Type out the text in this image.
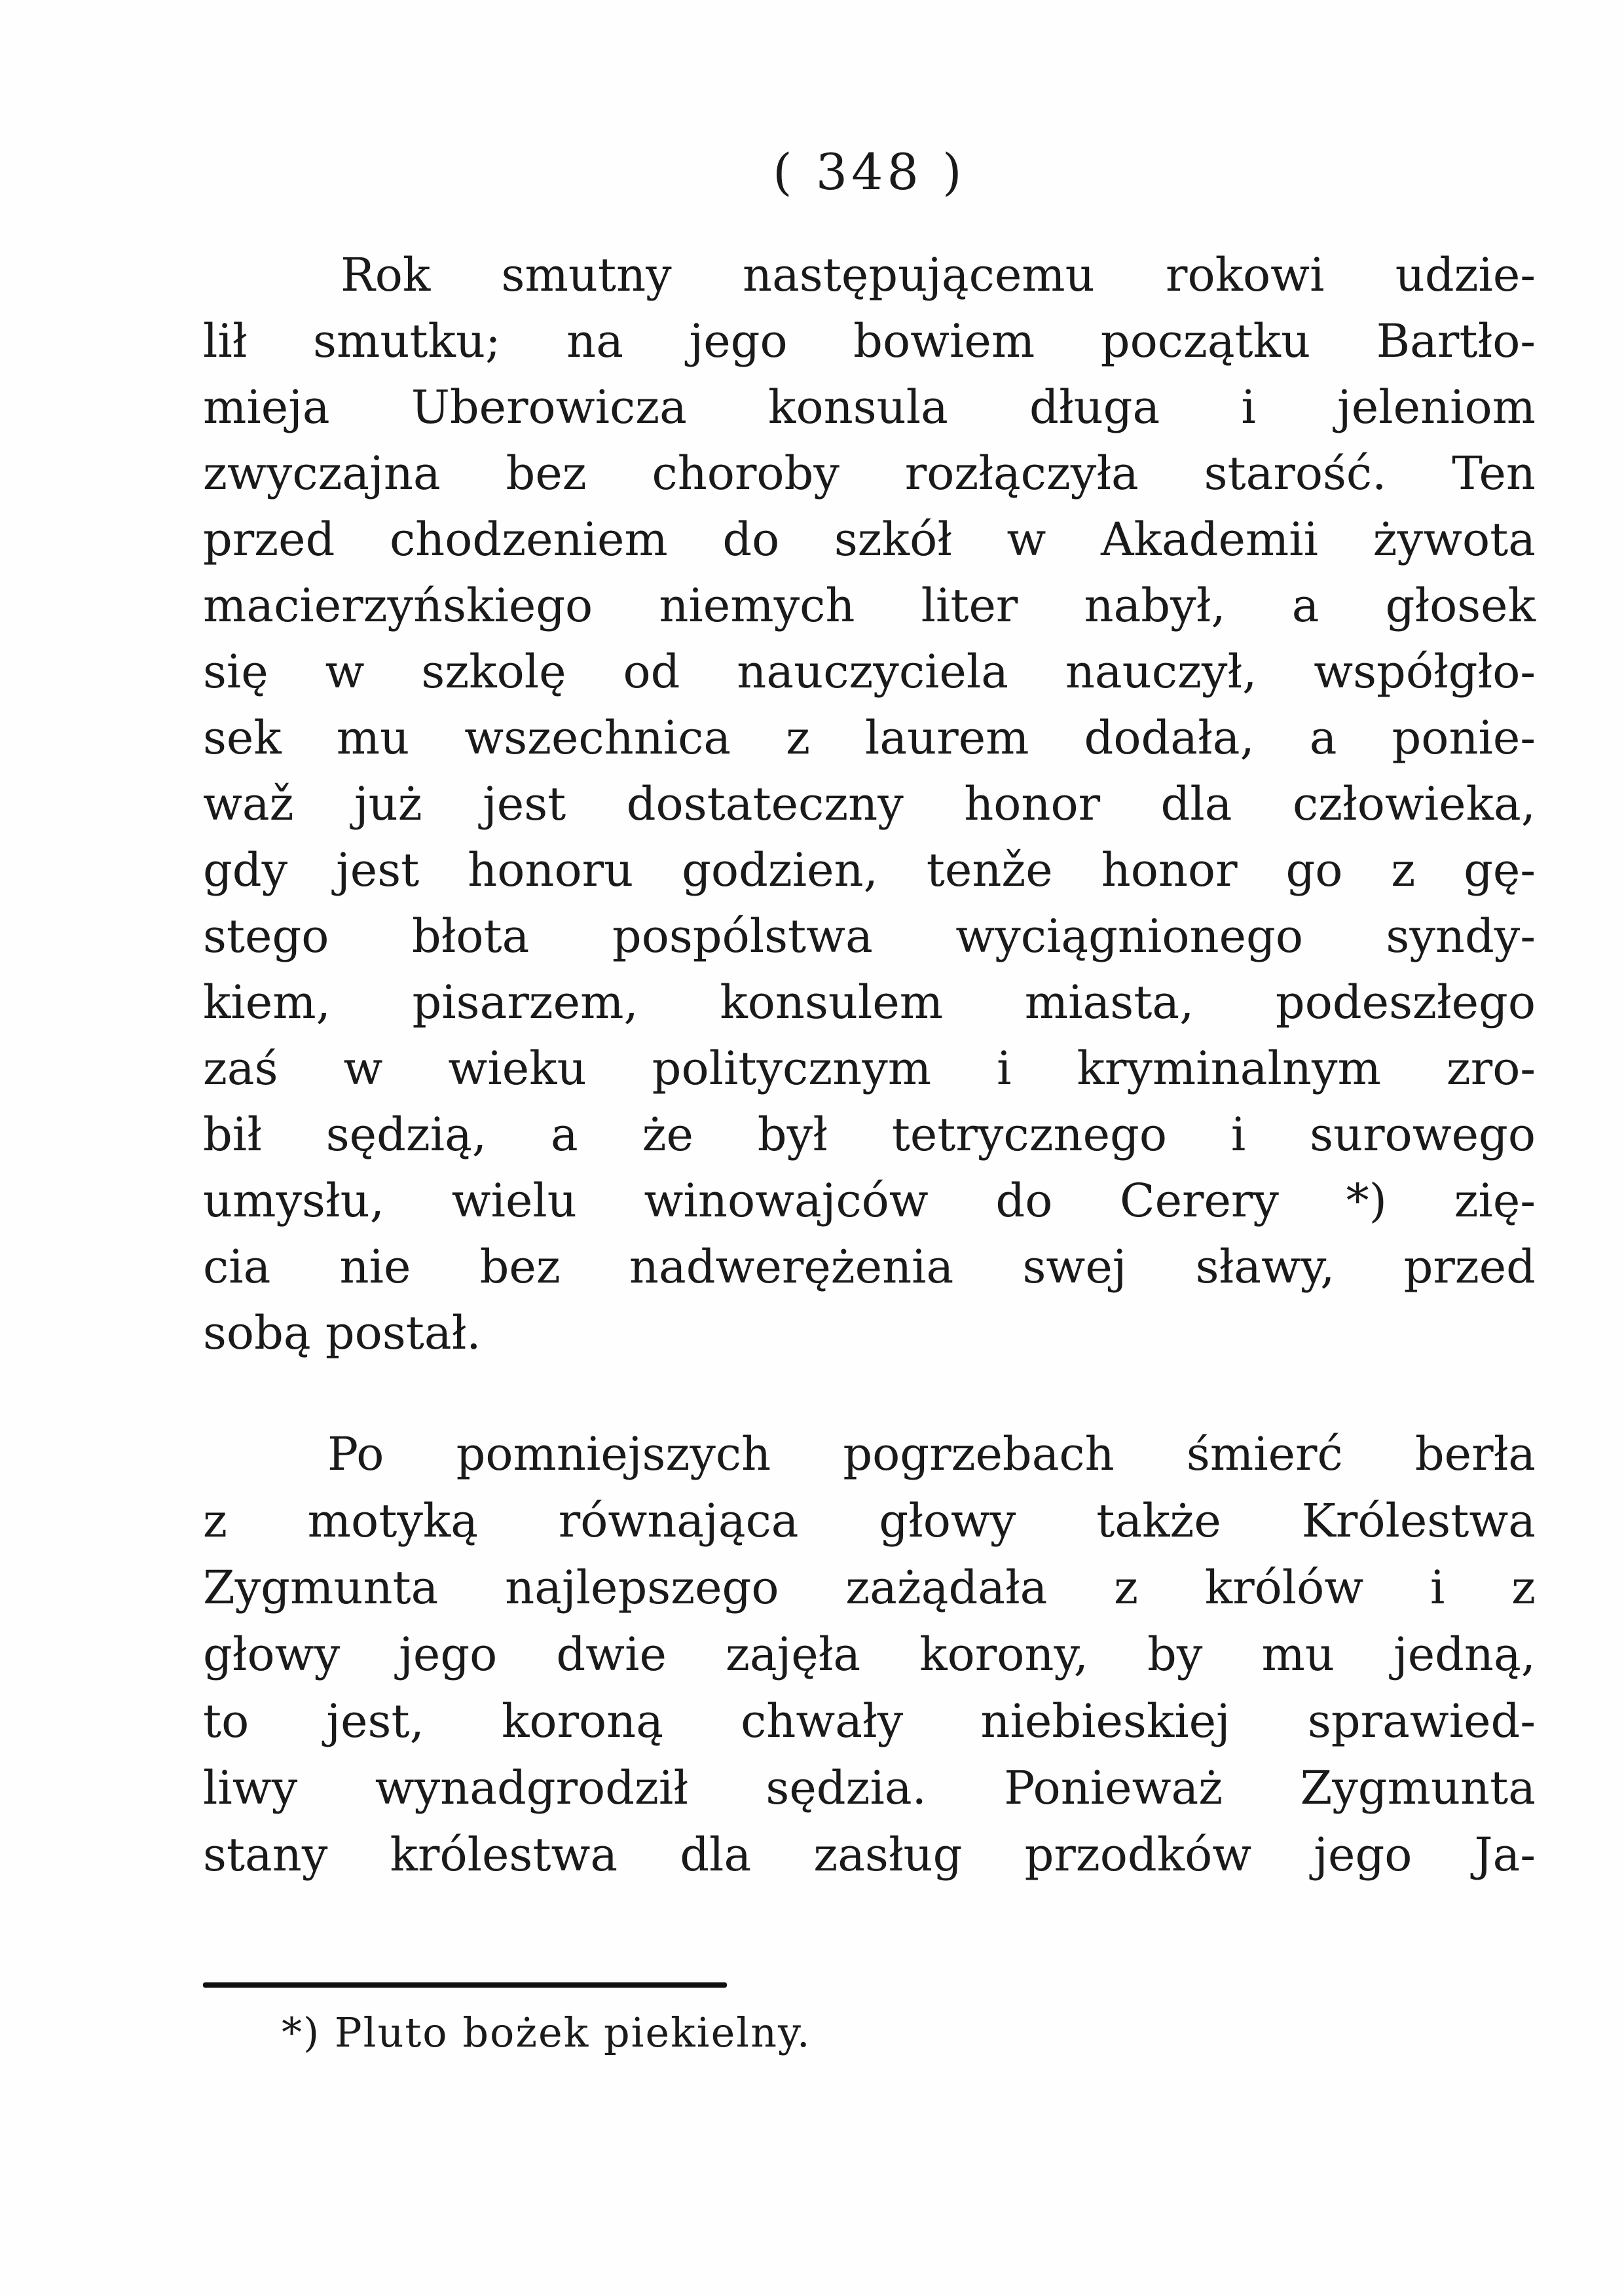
( 348 )
Rok smutny następującemu rokowi udzie-
lił smutku; na jego bowiem początku Bartło-
mieja Uberowicza konsula długa i jeleniom
zwyczajna bez choroby rozłączyła starość. Ten
przed chodzeniem do szkół w Akademii żywota
macierzyńskiego niemych liter nabył, a głosek
się w szkolę od nauczyciela nauczył, współgło-
sek mu wszechnica z laurem dodała, a ponie-
waž już jest dostateczny honor dla człowieka,
gdy jest honoru godzien, tenže honor go z gę-
stego błota pospólstwa wyciągnionego syndy-
kiem, pisarzem, konsulem miasta, podeszłego
zaś w wieku politycznym i kryminalnym zro-
bił sędzią, a że był tetrycznego i surowego
umysłu, wielu winowajców do Cerery *) zię-
cia nie bez nadwerężenia swej sławy, przed
sobą postał.
Po pomniejszych pogrzebach śmierć berła
z motyką równająca głowy także Królestwa
Zygmunta najlepszego zażądała z królów i z
głowy jego dwie zajęła korony, by mu jedną,
to jest, koroną chwały niebieskiej sprawied-
liwy wynadgrodził sędzia. Ponieważ Zygmunta
stany królestwa dla zasług przodków jego Ja-
*) Pluto bożek piekielny.
